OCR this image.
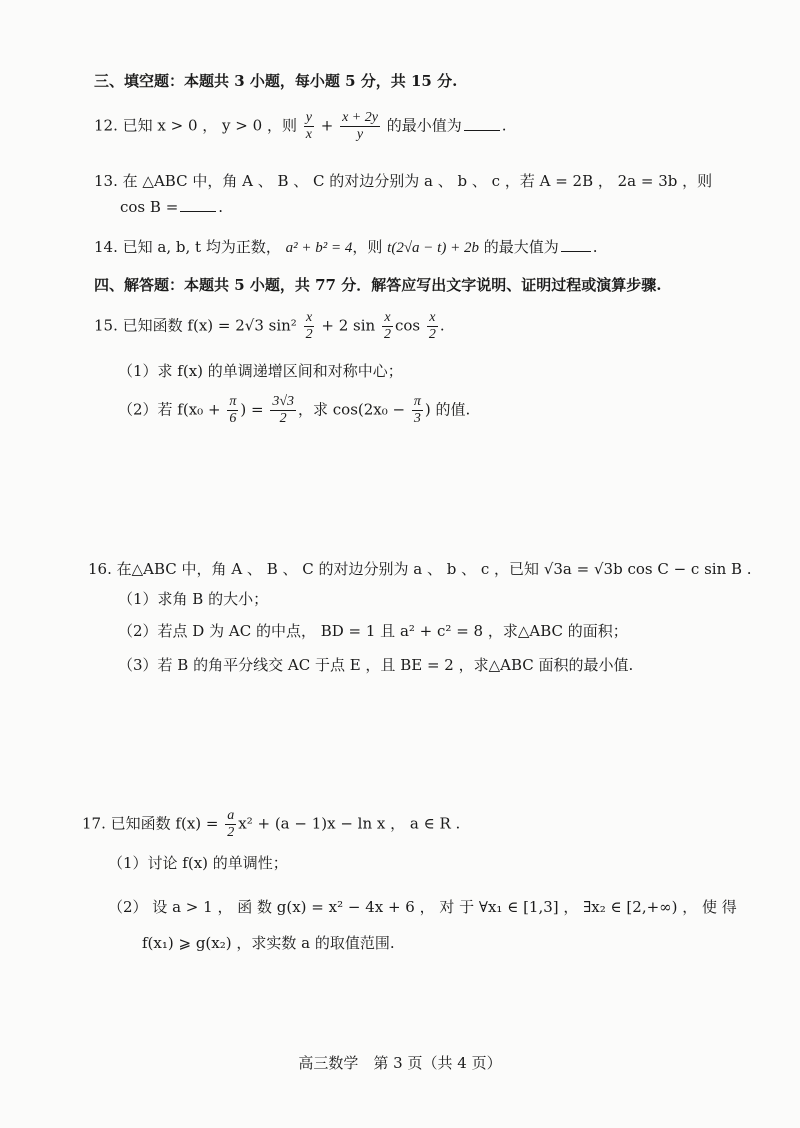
三、填空题：本题共 3 小题，每小题 5 分，共 15 分.
12. 已知 x > 0 ， y > 0 ，则 $\frac{y}{x} + \frac{x + 2y}{y}$ 的最小值为	.
13. 在 △ABC 中，角 A 、 B 、 C 的对边分别为 a 、 b 、 c ，若 A = 2B ， 2a = 3b ，则
cos B =	.
14. 已知 a, b, t 均为正数， a² + b² = 4，则 t(2√a − t) + 2b 的最大值为 .
四、解答题：本题共 5 小题，共 77 分．解答应写出文字说明、证明过程或演算步骤.
15. 已知函数 f(x) = 2√3 $\sin^2 \frac{x}{2} + 2$ $\sin \frac{x}{2}$ $\cos \frac{x}{2}$ .
（1）求 f(x) 的单调递增区间和对称中心；
（2）若 $f(x_0 + \frac{\pi}{6}$ ) = $\frac{3√3}{2}$ ，求 $\cos(2x_0 - \frac{\pi}{3}$ ) 的值.
16. 在△ABC 中，角 A 、 B 、 C 的对边分别为 a 、 b 、 c ，已知 √3a = √3b cos C − c sin B .
（1）求角 B 的大小；
（2）若点 D 为 AC 的中点， BD = 1 且 a² + c² = 8 ，求△ABC 的面积；
（3）若 B 的角平分线交 AC 于点 E ，且 BE = 2 ，求△ABC 面积的最小值.
17. 已知函数 $f(x) = \frac{a}{2} x^2 + (a - 1)x - \ln x$ ， a ∈ R .
（1）讨论 f(x) 的单调性；
（2） 设 a > 1 ， 函 数 g(x) = x² − 4x + 6 ， 对 于 ∀x₁ ∈ [1,3] ， ∃x₂ ∈ [2,+∞) ， 使 得
f(x₁) ⩾ g(x₂) ，求实数 a 的取值范围.
高三数学　第 3 页（共 4 页）
